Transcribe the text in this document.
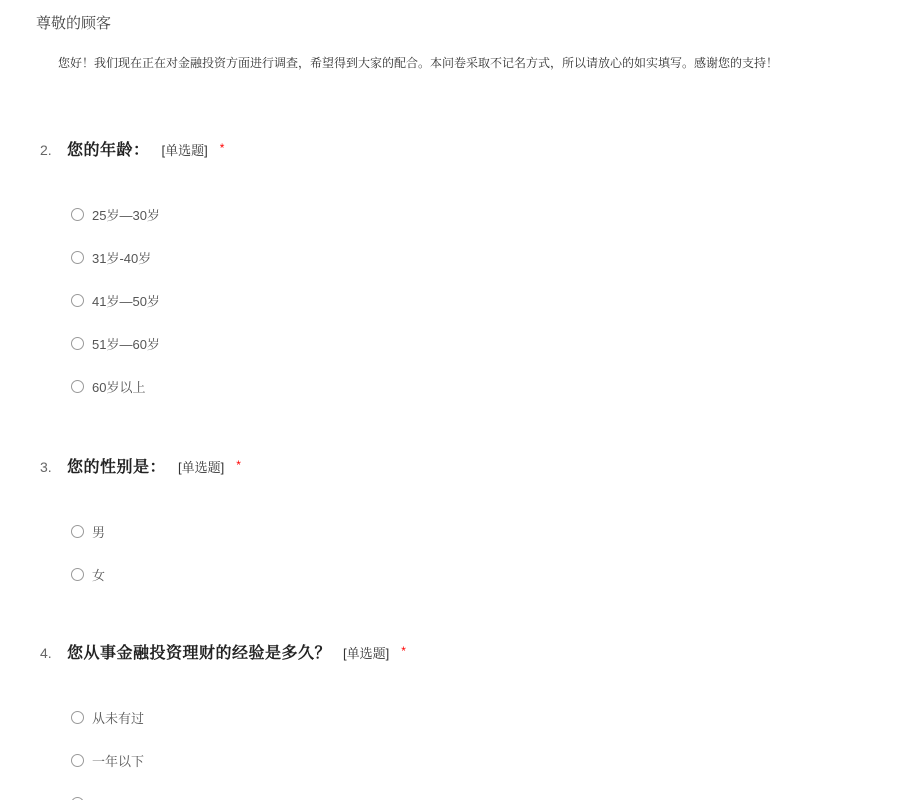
尊敬的顾客
您好！我们现在正在对金融投资方面进行调查，希望得到大家的配合。本问卷采取不记名方式，所以请放心的如实填写。感谢您的支持！
2. 您的年龄： [单选题] *
25岁—30岁
31岁-40岁
41岁—50岁
51岁—60岁
60岁以上
3. 您的性别是： [单选题] *
男
女
4. 您从事金融投资理财的经验是多久？ [单选题] *
从未有过
一年以下
